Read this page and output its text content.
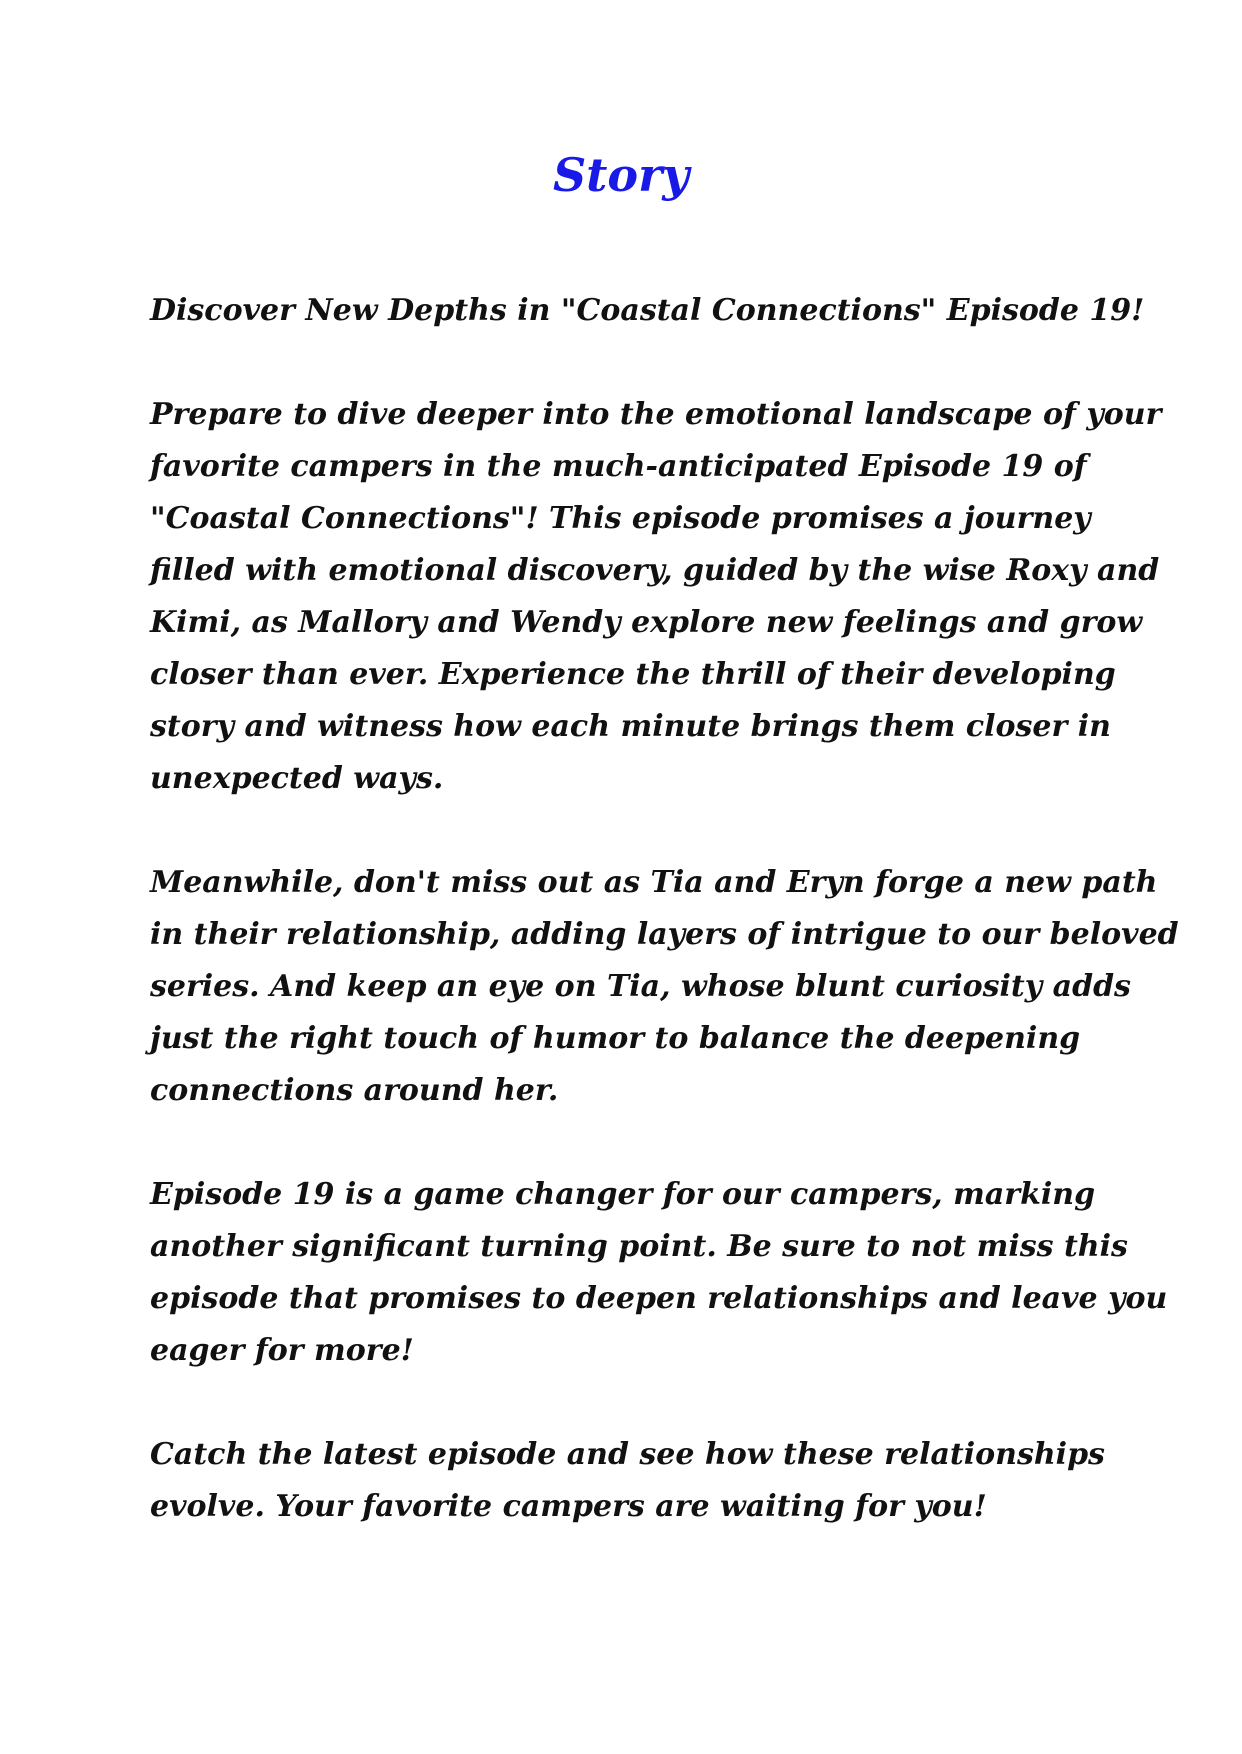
Story
Discover New Depths in "Coastal Connections" Episode 19!
Prepare to dive deeper into the emotional landscape of your
favorite campers in the much-anticipated Episode 19 of
"Coastal Connections"! This episode promises a journey
filled with emotional discovery, guided by the wise Roxy and
Kimi, as Mallory and Wendy explore new feelings and grow
closer than ever. Experience the thrill of their developing
story and witness how each minute brings them closer in
unexpected ways.
Meanwhile, don't miss out as Tia and Eryn forge a new path
in their relationship, adding layers of intrigue to our beloved
series. And keep an eye on Tia, whose blunt curiosity adds
just the right touch of humor to balance the deepening
connections around her.
Episode 19 is a game changer for our campers, marking
another significant turning point. Be sure to not miss this
episode that promises to deepen relationships and leave you
eager for more!
Catch the latest episode and see how these relationships
evolve. Your favorite campers are waiting for you!
